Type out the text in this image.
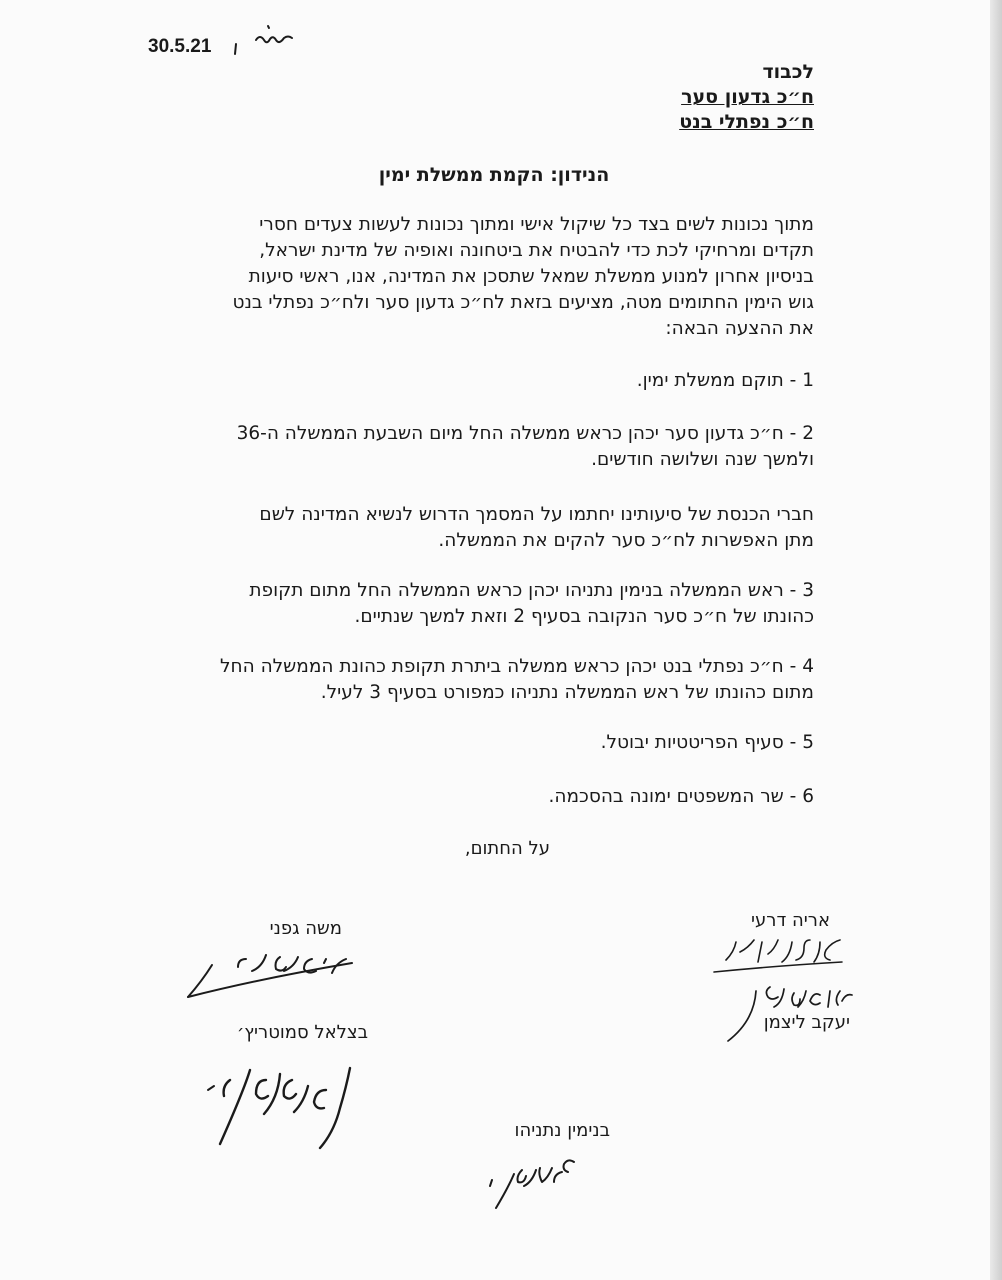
30.5.21
לכבוד
ח״כ גדעון סער
ח״כ נפתלי בנט
הנידון: הקמת ממשלת ימין
מתוך נכונות לשים בצד כל שיקול אישי ומתוך נכונות לעשות צעדים חסרי
תקדים ומרחיקי לכת כדי להבטיח את ביטחונה ואופיה של מדינת ישראל,
בניסיון אחרון למנוע ממשלת שמאל שתסכן את המדינה, אנו, ראשי סיעות
גוש הימין החתומים מטה, מציעים בזאת לח״כ גדעון סער ולח״כ נפתלי בנט
את ההצעה הבאה:
1 - תוקם ממשלת ימין.
2 - ח״כ גדעון סער יכהן כראש ממשלה החל מיום השבעת הממשלה ה-36
ולמשך שנה ושלושה חודשים.
חברי הכנסת של סיעותינו יחתמו על המסמך הדרוש לנשיא המדינה לשם
מתן האפשרות לח״כ סער להקים את הממשלה.
3 - ראש הממשלה בנימין נתניהו יכהן כראש הממשלה החל מתום תקופת
כהונתו של ח״כ סער הנקובה בסעיף 2 וזאת למשך שנתיים.
4 - ח״כ נפתלי בנט יכהן כראש ממשלה ביתרת תקופת כהונת הממשלה החל
מתום כהונתו של ראש הממשלה נתניהו כמפורט בסעיף 3 לעיל.
5 - סעיף הפריטטיות יבוטל.
6 - שר המשפטים ימונה בהסכמה.
על החתום,
אריה דרעי
יעקב ליצמן
משה גפני
בצלאל סמוטריץ׳
בנימין נתניהו
